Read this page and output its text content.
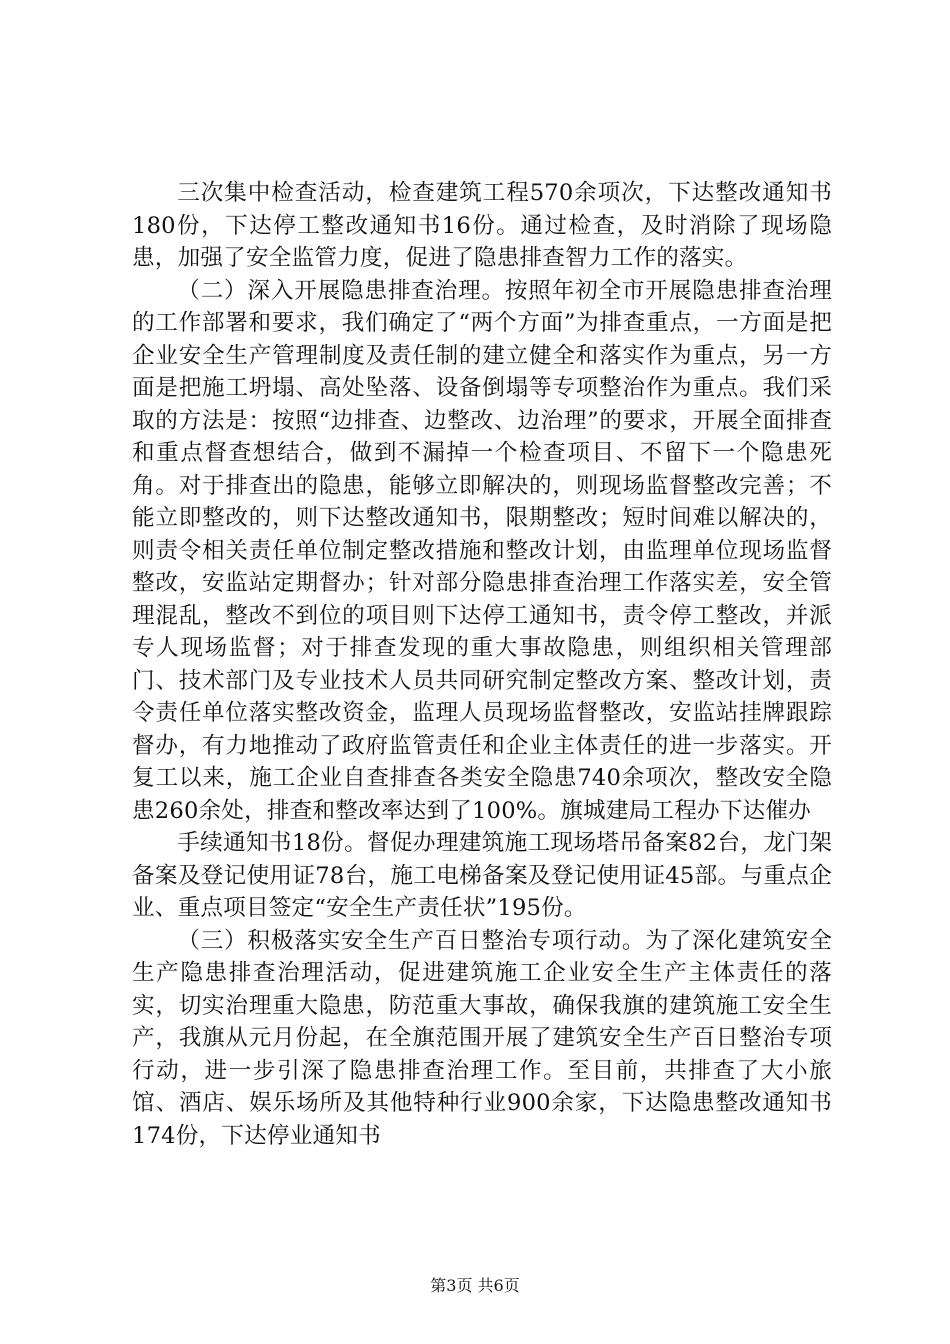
三次集中检查活动，检查建筑工程570余项次，下达整改通知书180份，下达停工整改通知书16份。通过检查，及时消除了现场隐患，加强了安全监管力度，促进了隐患排查智力工作的落实。

（二）深入开展隐患排查治理。按照年初全市开展隐患排查治理的工作部署和要求，我们确定了“两个方面”为排查重点，一方面是把企业安全生产管理制度及责任制的建立健全和落实作为重点，另一方面是把施工坍塌、高处坠落、设备倒塌等专项整治作为重点。我们采取的方法是：按照“边排查、边整改、边治理”的要求，开展全面排查和重点督查想结合，做到不漏掉一个检查项目、不留下一个隐患死角。对于排查出的隐患，能够立即解决的，则现场监督整改完善；不能立即整改的，则下达整改通知书，限期整改；短时间难以解决的，则责令相关责任单位制定整改措施和整改计划，由监理单位现场监督整改，安监站定期督办；针对部分隐患排查治理工作落实差，安全管理混乱，整改不到位的项目则下达停工通知书，责令停工整改，并派专人现场监督；对于排查发现的重大事故隐患，则组织相关管理部门、技术部门及专业技术人员共同研究制定整改方案、整改计划，责令责任单位落实整改资金，监理人员现场监督整改，安监站挂牌跟踪督办，有力地推动了政府监管责任和企业主体责任的进一步落实。开复工以来，施工企业自查排查各类安全隐患740余项次，整改安全隐患260余处，排查和整改率达到了100%。旗城建局工程办下达催办

手续通知书18份。督促办理建筑施工现场塔吊备案82台，龙门架备案及登记使用证78台，施工电梯备案及登记使用证45部。与重点企业、重点项目签定“安全生产责任状”195份。

（三）积极落实安全生产百日整治专项行动。为了深化建筑安全生产隐患排查治理活动，促进建筑施工企业安全生产主体责任的落实，切实治理重大隐患，防范重大事故，确保我旗的建筑施工安全生产，我旗从元月份起，在全旗范围开展了建筑安全生产百日整治专项行动，进一步引深了隐患排查治理工作。至目前，共排查了大小旅馆、酒店、娱乐场所及其他特种行业900余家，下达隐患整改通知书174份，下达停业通知书

第3页 共6页
